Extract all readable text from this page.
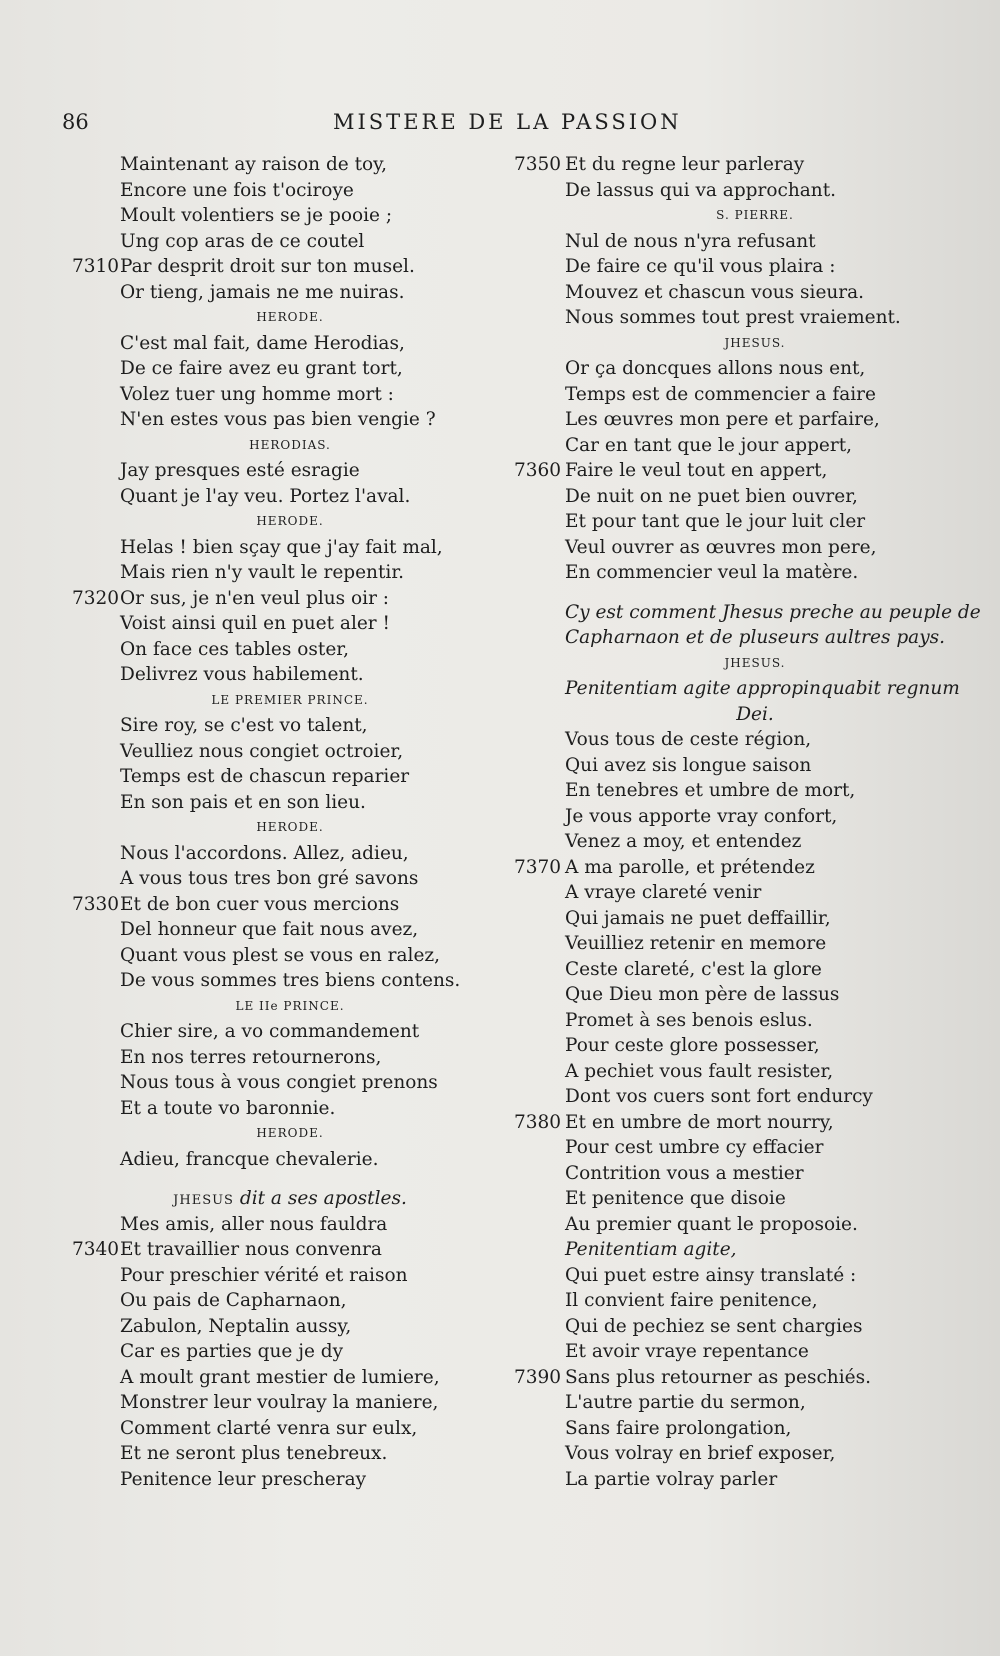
86	MISTERE DE LA PASSION
Maintenant ay raison de toy,
Encore une fois t'ociroye
Moult volentiers se je pooie ;
Ung cop aras de ce coutel
7310 Par desprit droit sur ton musel.
Or tieng, jamais ne me nuiras.
HERODE.
C'est mal fait, dame Herodias,
De ce faire avez eu grant tort,
Volez tuer ung homme mort :
N'en estes vous pas bien vengie ?
HERODIAS.
Jay presques esté esragie
Quant je l'ay veu. Portez l'aval.
HERODE.
Helas ! bien sçay que j'ay fait mal,
Mais rien n'y vault le repentir.
7320 Or sus, je n'en veul plus oir :
Voist ainsi quil en puet aler !
On face ces tables oster,
Delivrez vous habilement.
LE PREMIER PRINCE.
Sire roy, se c'est vo talent,
Veulliez nous congiet octroier,
Temps est de chascun reparier
En son pais et en son lieu.
HERODE.
Nous l'accordons. Allez, adieu,
A vous tous tres bon gré savons
7330 Et de bon cuer vous mercions
Del honneur que fait nous avez,
Quant vous plest se vous en ralez,
De vous sommes tres biens contens.
LE IIe PRINCE.
Chier sire, a vo commandement
En nos terres retournerons,
Nous tous à vous congiet prenons
Et a toute vo baronnie.
HERODE.
Adieu, francque chevalerie.
JHESUS dit a ses apostles.
Mes amis, aller nous fauldra
7340 Et travaillier nous convenra
Pour preschier vérité et raison
Ou pais de Capharnaon,
Zabulon, Neptalin aussy,
Car es parties que je dy
A moult grant mestier de lumiere,
Monstrer leur voulray la maniere,
Comment clarté venra sur eulx,
Et ne seront plus tenebreux.
Penitence leur prescheray
7350 Et du regne leur parleray
De lassus qui va approchant.
S. PIERRE.
Nul de nous n'yra refusant
De faire ce qu'il vous plaira :
Mouvez et chascun vous sieura.
Nous sommes tout prest vraiement.
JHESUS.
Or ça doncques allons nous ent,
Temps est de commencier a faire
Les œuvres mon pere et parfaire,
Car en tant que le jour appert,
7360 Faire le veul tout en appert,
De nuit on ne puet bien ouvrer,
Et pour tant que le jour luit cler
Veul ouvrer as œuvres mon pere,
En commencier veul la matère.
Cy est comment Jhesus preche au peuple de
Capharnaon et de pluseurs aultres pays.
JHESUS.
Penitentiam agite appropinquabit regnum
Dei.
Vous tous de ceste région,
Qui avez sis longue saison
En tenebres et umbre de mort,
Je vous apporte vray confort,
Venez a moy, et entendez
7370 A ma parolle, et prétendez
A vraye clareté venir
Qui jamais ne puet deffaillir,
Veuilliez retenir en memore
Ceste clareté, c'est la glore
Que Dieu mon père de lassus
Promet à ses benois eslus.
Pour ceste glore possesser,
A pechiet vous fault resister,
Dont vos cuers sont fort endurcy
7380 Et en umbre de mort nourry,
Pour cest umbre cy effacier
Contrition vous a mestier
Et penitence que disoie
Au premier quant le proposoie.
Penitentiam agite,
Qui puet estre ainsy translaté :
Il convient faire penitence,
Qui de pechiez se sent chargies
Et avoir vraye repentance
7390 Sans plus retourner as peschiés.
L'autre partie du sermon,
Sans faire prolongation,
Vous volray en brief exposer,
La partie volray parler
